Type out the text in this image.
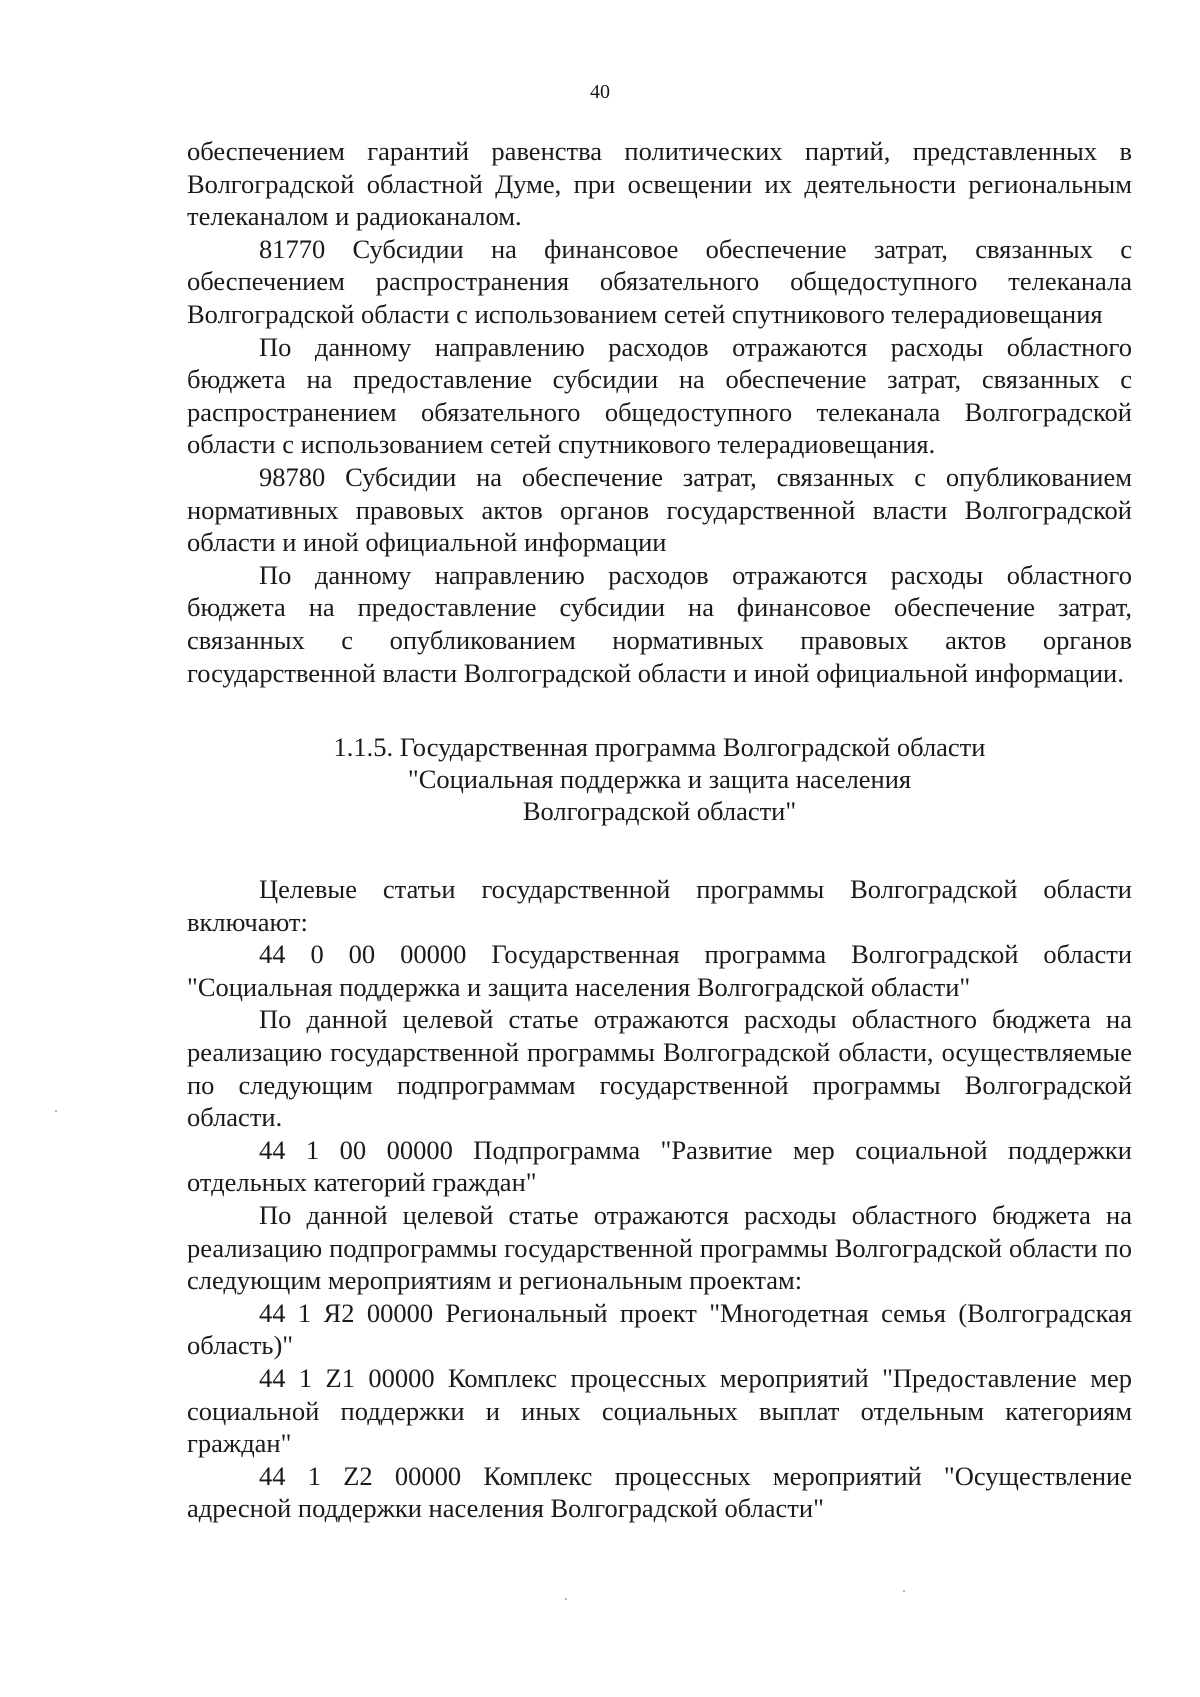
40

обеспечением гарантий равенства политических партий, представленных в Волгоградской областной Думе, при освещении их деятельности региональным телеканалом и радиоканалом.

81770 Субсидии на финансовое обеспечение затрат, связанных с обеспечением распространения обязательного общедоступного телеканала Волгоградской области с использованием сетей спутникового телерадиовещания

По данному направлению расходов отражаются расходы областного бюджета на предоставление субсидии на обеспечение затрат, связанных с распространением обязательного общедоступного телеканала Волгоградской области с использованием сетей спутникового телерадиовещания.

98780 Субсидии на обеспечение затрат, связанных с опубликованием нормативных правовых актов органов государственной власти Волгоградской области и иной официальной информации

По данному направлению расходов отражаются расходы областного бюджета на предоставление субсидии на финансовое обеспечение затрат, связанных с опубликованием нормативных правовых актов органов государственной власти Волгоградской области и иной официальной информации.

1.1.5. Государственная программа Волгоградской области
"Социальная поддержка и защита населения
Волгоградской области"

Целевые статьи государственной программы Волгоградской области включают:

44 0 00 00000 Государственная программа Волгоградской области "Социальная поддержка и защита населения Волгоградской области"

По данной целевой статье отражаются расходы областного бюджета на реализацию государственной программы Волгоградской области, осуществляемые по следующим подпрограммам государственной программы Волгоградской области.

44 1 00 00000 Подпрограмма "Развитие мер социальной поддержки отдельных категорий граждан"

По данной целевой статье отражаются расходы областного бюджета на реализацию подпрограммы государственной программы Волгоградской области по следующим мероприятиям и региональным проектам:

44 1 Я2 00000 Региональный проект "Многодетная семья (Волгоградская область)"

44 1 Z1 00000 Комплекс процессных мероприятий "Предоставление мер социальной поддержки и иных социальных выплат отдельным категориям граждан"

44 1 Z2 00000 Комплекс процессных мероприятий "Осуществление адресной поддержки населения Волгоградской области"
